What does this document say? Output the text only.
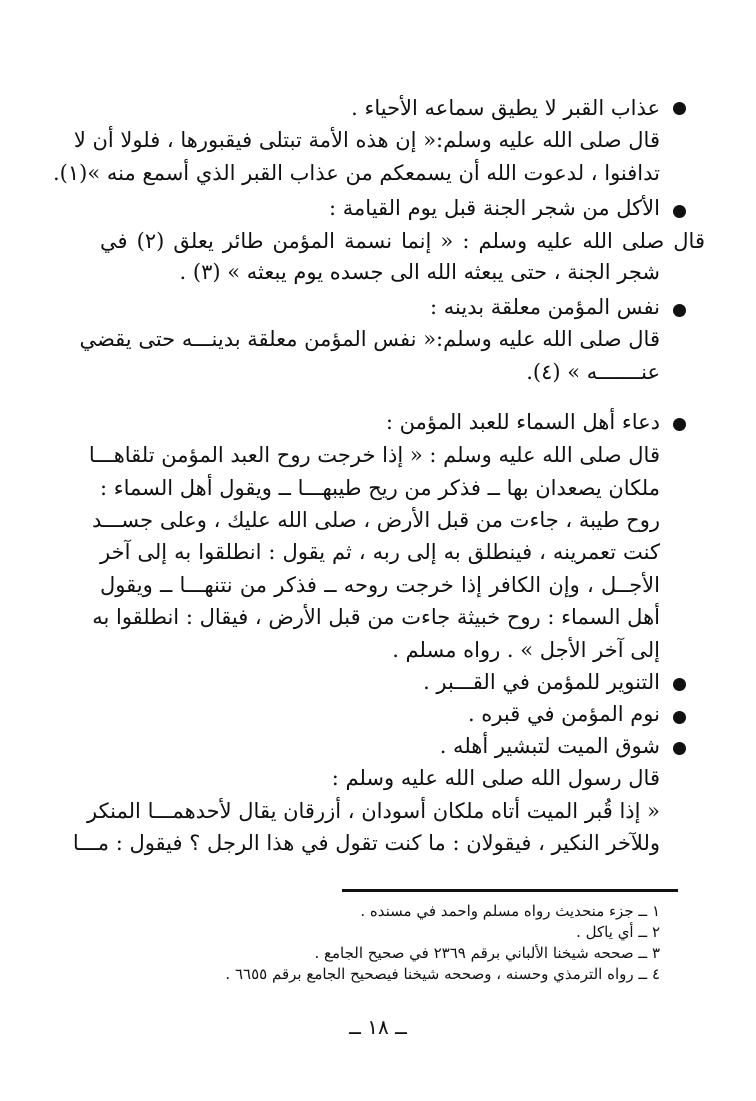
عذاب القبر لا يطيق سماعه الأحياء .
قال صلى الله عليه وسلم:« إن هذه الأمة تبتلى فيقبورها ، فلولا أن لا
تدافنوا ، لدعوت الله أن يسمعكم من عذاب القبر الذي أسمع منه »(١).
الأكل من شجر الجنة قبل يوم القيامة :
قال صلى الله عليه وسلم : « إنما نسمة المؤمن طائر يعلق (٢) في
شجر الجنة ، حتى يبعثه الله الى جسده يوم يبعثه » (٣) .
نفس المؤمن معلقة بدينه :
قال صلى الله عليه وسلم:« نفس المؤمن معلقة بدينـــه حتى يقضي
عنـــــــه » (٤).
دعاء أهل السماء للعبد المؤمن :
قال صلى الله عليه وسلم : « إذا خرجت روح العبد المؤمن تلقاهـــا
ملكان يصعدان بها ــ فذكر من ريح طيبهـــا ــ ويقول أهل السماء :
روح طيبة ، جاءت من قبل الأرض ، صلى الله عليك ، وعلى جســـد
كنت تعمرينه ، فينطلق به إلى ربه ، ثم يقول : انطلقوا به إلى آخر
الأجــل ، وإن الكافر إذا خرجت روحه ــ فذكر من نتنهـــا ــ ويقول
أهل السماء : روح خبيثة جاءت من قبل الأرض ، فيقال : انطلقوا به
إلى آخر الأجل » . رواه مسلم .
التنوير للمؤمن في القـــبر .
نوم المؤمن في قبره .
شوق الميت لتبشير أهله .
قال رسول الله صلى الله عليه وسلم :
« إذا قُبر الميت أتاه ملكان أسودان ، أزرقان يقال لأحدهمـــا المنكر
وللآخر النكير ، فيقولان : ما كنت تقول في هذا الرجل ؟ فيقول : مـــا
١ ــ جزء منحديث رواه مسلم واحمد في مسنده .
٢ ــ أي ياكل .
٣ ــ صححه شيخنا الألباني برقم ٢٣٦٩ في صحيح الجامع .
٤ ــ رواه الترمذي وحسنه ، وصححه شيخنا فيصحيح الجامع برقم ٦٦٥٥ .
ــ ١٨ ــ
